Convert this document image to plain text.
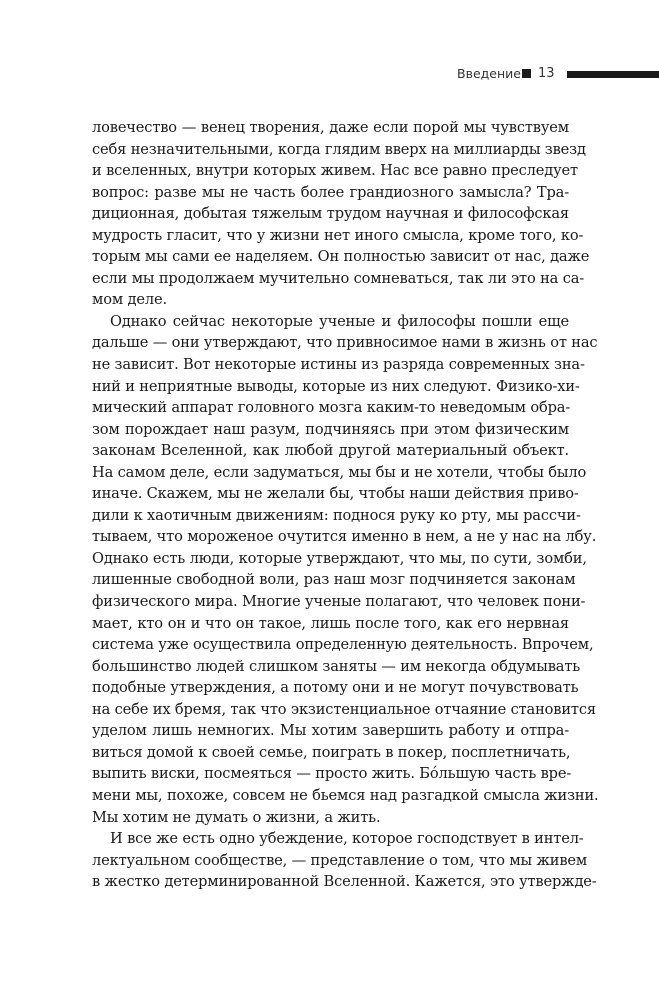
Введение 13
ловечество — венец творения, даже если порой мы чувствуем
себя незначительными, когда глядим вверх на миллиарды звезд
и вселенных, внутри которых живем. Нас все равно преследует
вопрос: разве мы не часть более грандиозного замысла? Тра-
диционная, добытая тяжелым трудом научная и философская
мудрость гласит, что у жизни нет иного смысла, кроме того, ко-
торым мы сами ее наделяем. Он полностью зависит от нас, даже
если мы продолжаем мучительно сомневаться, так ли это на са-
мом деле.
Однако сейчас некоторые ученые и философы пошли еще
дальше — они утверждают, что привносимое нами в жизнь от нас
не зависит. Вот некоторые истины из разряда современных зна-
ний и неприятные выводы, которые из них следуют. Физико-хи-
мический аппарат головного мозга каким-то неведомым обра-
зом порождает наш разум, подчиняясь при этом физическим
законам Вселенной, как любой другой материальный объект.
На самом деле, если задуматься, мы бы и не хотели, чтобы было
иначе. Скажем, мы не желали бы, чтобы наши действия приво-
дили к хаотичным движениям: поднося руку ко рту, мы рассчи-
тываем, что мороженое очутится именно в нем, а не у нас на лбу.
Однако есть люди, которые утверждают, что мы, по сути, зомби,
лишенные свободной воли, раз наш мозг подчиняется законам
физического мира. Многие ученые полагают, что человек пони-
мает, кто он и что он такое, лишь после того, как его нервная
система уже осуществила определенную деятельность. Впрочем,
большинство людей слишком заняты — им некогда обдумывать
подобные утверждения, а потому они и не могут почувствовать
на себе их бремя, так что экзистенциальное отчаяние становится
уделом лишь немногих. Мы хотим завершить работу и отпра-
виться домой к своей семье, поиграть в покер, посплетничать,
выпить виски, посмеяться — просто жить. Бóльшую часть вре-
мени мы, похоже, совсем не бьемся над разгадкой смысла жизни.
Мы хотим не думать о жизни, а жить.
И все же есть одно убеждение, которое господствует в интел-
лектуальном сообществе, — представление о том, что мы живем
в жестко детерминированной Вселенной. Кажется, это утвержде-
